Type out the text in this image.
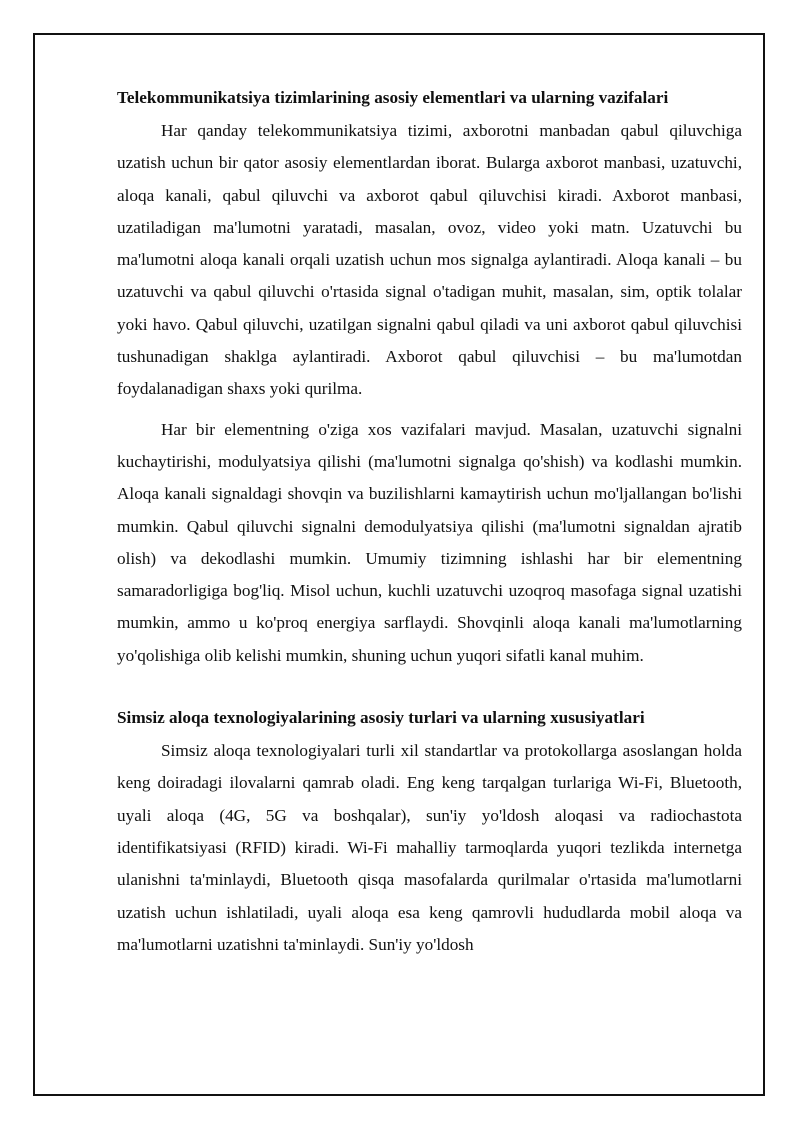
Telekommunikatsiya tizimlarining asosiy elementlari va ularning vazifalari

Har qanday telekommunikatsiya tizimi, axborotni manbadan qabul qiluvchiga uzatish uchun bir qator asosiy elementlardan iborat. Bularga axborot manbasi, uzatuvchi, aloqa kanali, qabul qiluvchi va axborot qabul qiluvchisi kiradi. Axborot manbasi, uzatiladigan ma'lumotni yaratadi, masalan, ovoz, video yoki matn. Uzatuvchi bu ma'lumotni aloqa kanali orqali uzatish uchun mos signalga aylantiradi. Aloqa kanali – bu uzatuvchi va qabul qiluvchi o'rtasida signal o'tadigan muhit, masalan, sim, optik tolalar yoki havo. Qabul qiluvchi, uzatilgan signalni qabul qiladi va uni axborot qabul qiluvchisi tushunadigan shaklga aylantiradi. Axborot qabul qiluvchisi – bu ma'lumotdan foydalanadigan shaxs yoki qurilma.

Har bir elementning o'ziga xos vazifalari mavjud. Masalan, uzatuvchi signalni kuchaytirishi, modulyatsiya qilishi (ma'lumotni signalga qo'shish) va kodlashi mumkin. Aloqa kanali signaldagi shovqin va buzilishlarni kamaytirish uchun mo'ljallangan bo'lishi mumkin. Qabul qiluvchi signalni demodulyatsiya qilishi (ma'lumotni signaldan ajratib olish) va dekodlashi mumkin. Umumiy tizimning ishlashi har bir elementning samaradorligiga bog'liq. Misol uchun, kuchli uzatuvchi uzoqroq masofaga signal uzatishi mumkin, ammo u ko'proq energiya sarflaydi. Shovqinli aloqa kanali ma'lumotlarning yo'qolishiga olib kelishi mumkin, shuning uchun yuqori sifatli kanal muhim.

Simsiz aloqa texnologiyalarining asosiy turlari va ularning xususiyatlari

Simsiz aloqa texnologiyalari turli xil standartlar va protokollarga asoslangan holda keng doiradagi ilovalarni qamrab oladi. Eng keng tarqalgan turlariga Wi-Fi, Bluetooth, uyali aloqa (4G, 5G va boshqalar), sun'iy yo'ldosh aloqasi va radiochastota identifikatsiyasi (RFID) kiradi. Wi-Fi mahalliy tarmoqlarda yuqori tezlikda internetga ulanishni ta'minlaydi, Bluetooth qisqa masofalarda qurilmalar o'rtasida ma'lumotlarni uzatish uchun ishlatiladi, uyali aloqa esa keng qamrovli hududlarda mobil aloqa va ma'lumotlarni uzatishni ta'minlaydi. Sun'iy yo'ldosh
